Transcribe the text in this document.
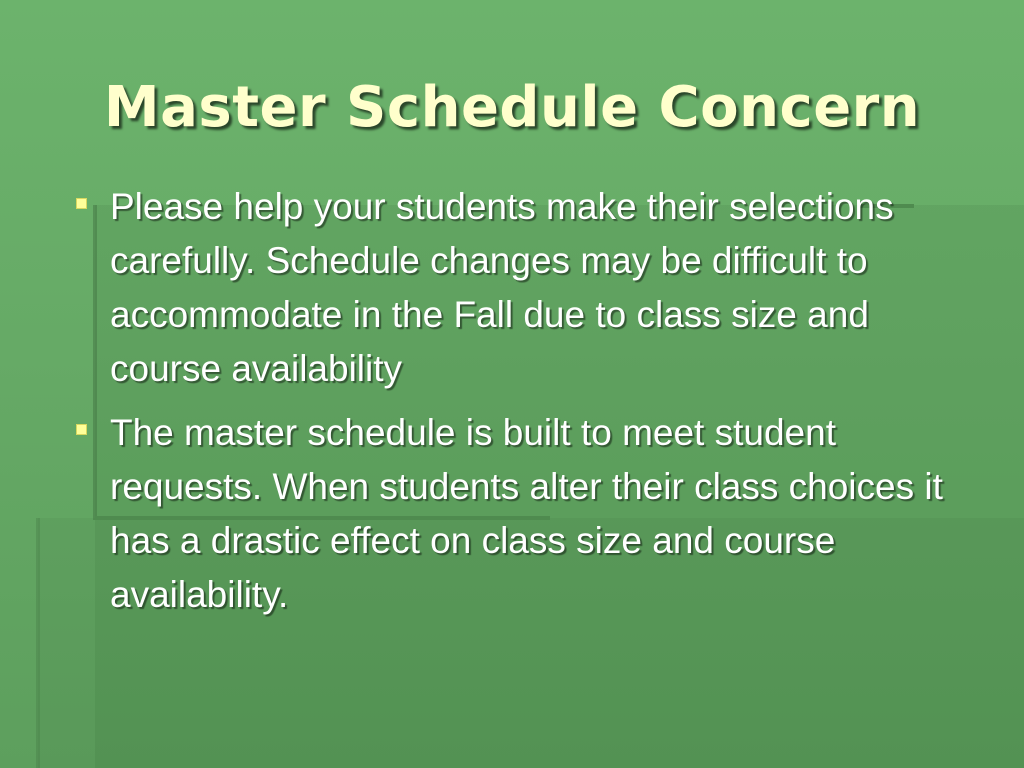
Master Schedule Concern
Please help your students make their selections carefully. Schedule changes may be difficult to accommodate in the Fall due to class size and course availability
The master schedule is built to meet student requests. When students alter their class choices it has a drastic effect on class size and course availability.
